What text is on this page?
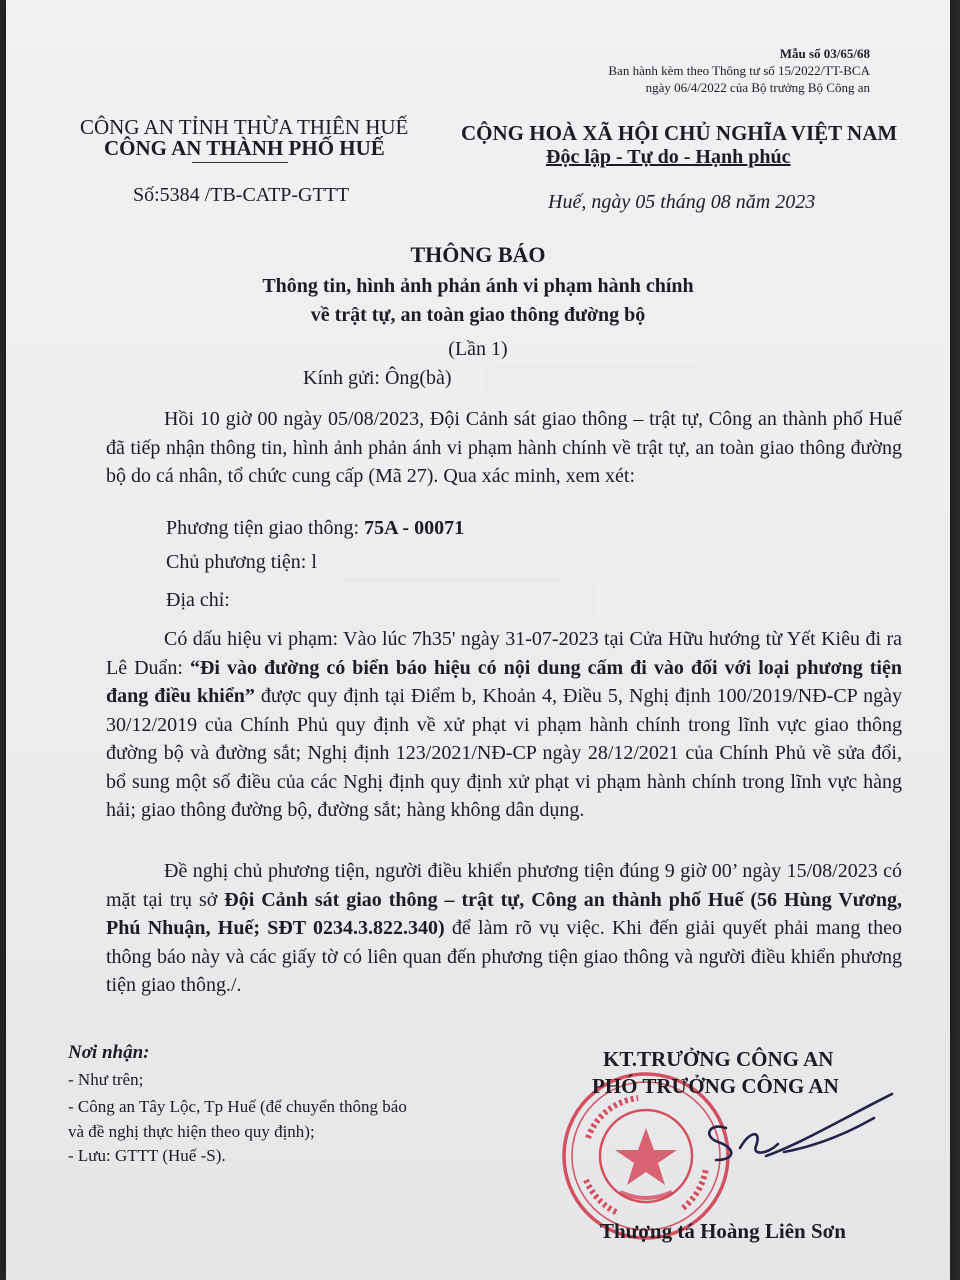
Mẫu số 03/65/68
Ban hành kèm theo Thông tư số 15/2022/TT-BCA
ngày 06/4/2022 của Bộ trưởng Bộ Công an
CÔNG AN TỈNH THỪA THIÊN HUẾ
CÔNG AN THÀNH PHỐ HUẾ
Số:5384 /TB-CATP-GTTT
CỘNG HOÀ XÃ HỘI CHỦ NGHĨA VIỆT NAM
Độc lập - Tự do - Hạnh phúc
Huế, ngày 05 tháng 08 năm 2023
THÔNG BÁO
Thông tin, hình ảnh phản ánh vi phạm hành chính
về trật tự, an toàn giao thông đường bộ
(Lần 1)
Kính gửi: Ông(bà)
Hồi 10 giờ 00 ngày 05/08/2023, Đội Cảnh sát giao thông – trật tự, Công an thành phố Huế đã tiếp nhận thông tin, hình ảnh phản ánh vi phạm hành chính về trật tự, an toàn giao thông đường bộ do cá nhân, tổ chức cung cấp (Mã 27). Qua xác minh, xem xét:
Phương tiện giao thông: 75A - 00071
Chủ phương tiện: l
Địa chỉ:
Có dấu hiệu vi phạm: Vào lúc 7h35' ngày 31-07-2023 tại Cửa Hữu hướng từ Yết Kiêu đi ra Lê Duẩn: “Đi vào đường có biển báo hiệu có nội dung cấm đi vào đối với loại phương tiện đang điều khiển” được quy định tại Điểm b, Khoản 4, Điều 5, Nghị định 100/2019/NĐ-CP ngày 30/12/2019 của Chính Phủ quy định về xử phạt vi phạm hành chính trong lĩnh vực giao thông đường bộ và đường sắt; Nghị định 123/2021/NĐ-CP ngày 28/12/2021 của Chính Phủ về sửa đổi, bổ sung một số điều của các Nghị định quy định xử phạt vi phạm hành chính trong lĩnh vực hàng hải; giao thông đường bộ, đường sắt; hàng không dân dụng.
Đề nghị chủ phương tiện, người điều khiển phương tiện đúng 9 giờ 00’ ngày 15/08/2023 có mặt tại trụ sở Đội Cảnh sát giao thông – trật tự, Công an thành phố Huế (56 Hùng Vương, Phú Nhuận, Huế; SĐT 0234.3.822.340) để làm rõ vụ việc. Khi đến giải quyết phải mang theo thông báo này và các giấy tờ có liên quan đến phương tiện giao thông và người điều khiển phương tiện giao thông./.
Nơi nhận:
- Như trên;
- Công an Tây Lộc, Tp Huế (để chuyển thông báo
và đề nghị thực hiện theo quy định);
- Lưu: GTTT (Huế -S).
KT.TRƯỞNG CÔNG AN
PHÓ TRƯỞNG CÔNG AN
Thượng tá Hoàng Liên Sơn
